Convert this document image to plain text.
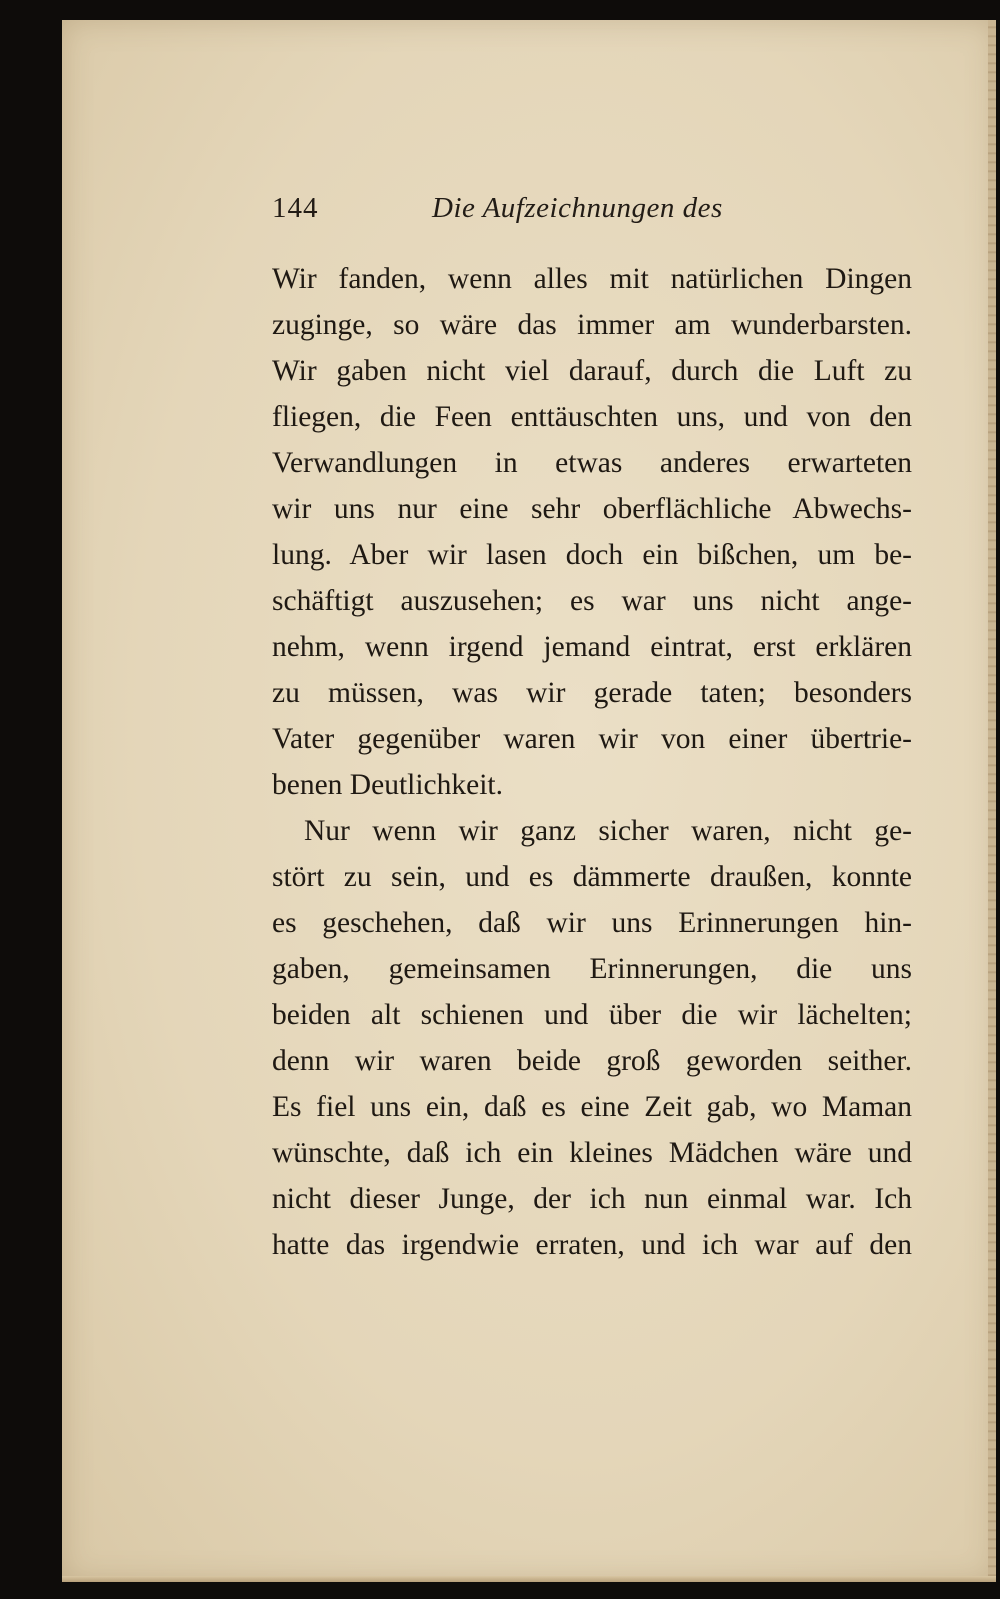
144	Die Aufzeichnungen des
Wir fanden, wenn alles mit natürlichen Dingen
zuginge, so wäre das immer am wunderbarsten.
Wir gaben nicht viel darauf, durch die Luft zu
fliegen, die Feen enttäuschten uns, und von den
Verwandlungen in etwas anderes erwarteten
wir uns nur eine sehr oberflächliche Abwechs-
lung. Aber wir lasen doch ein bißchen, um be-
schäftigt auszusehen; es war uns nicht ange-
nehm, wenn irgend jemand eintrat, erst erklären
zu müssen, was wir gerade taten; besonders
Vater gegenüber waren wir von einer übertrie-
benen Deutlichkeit.
Nur wenn wir ganz sicher waren, nicht ge-
stört zu sein, und es dämmerte draußen, konnte
es geschehen, daß wir uns Erinnerungen hin-
gaben, gemeinsamen Erinnerungen, die uns
beiden alt schienen und über die wir lächelten;
denn wir waren beide groß geworden seither.
Es fiel uns ein, daß es eine Zeit gab, wo Maman
wünschte, daß ich ein kleines Mädchen wäre und
nicht dieser Junge, der ich nun einmal war. Ich
hatte das irgendwie erraten, und ich war auf den
